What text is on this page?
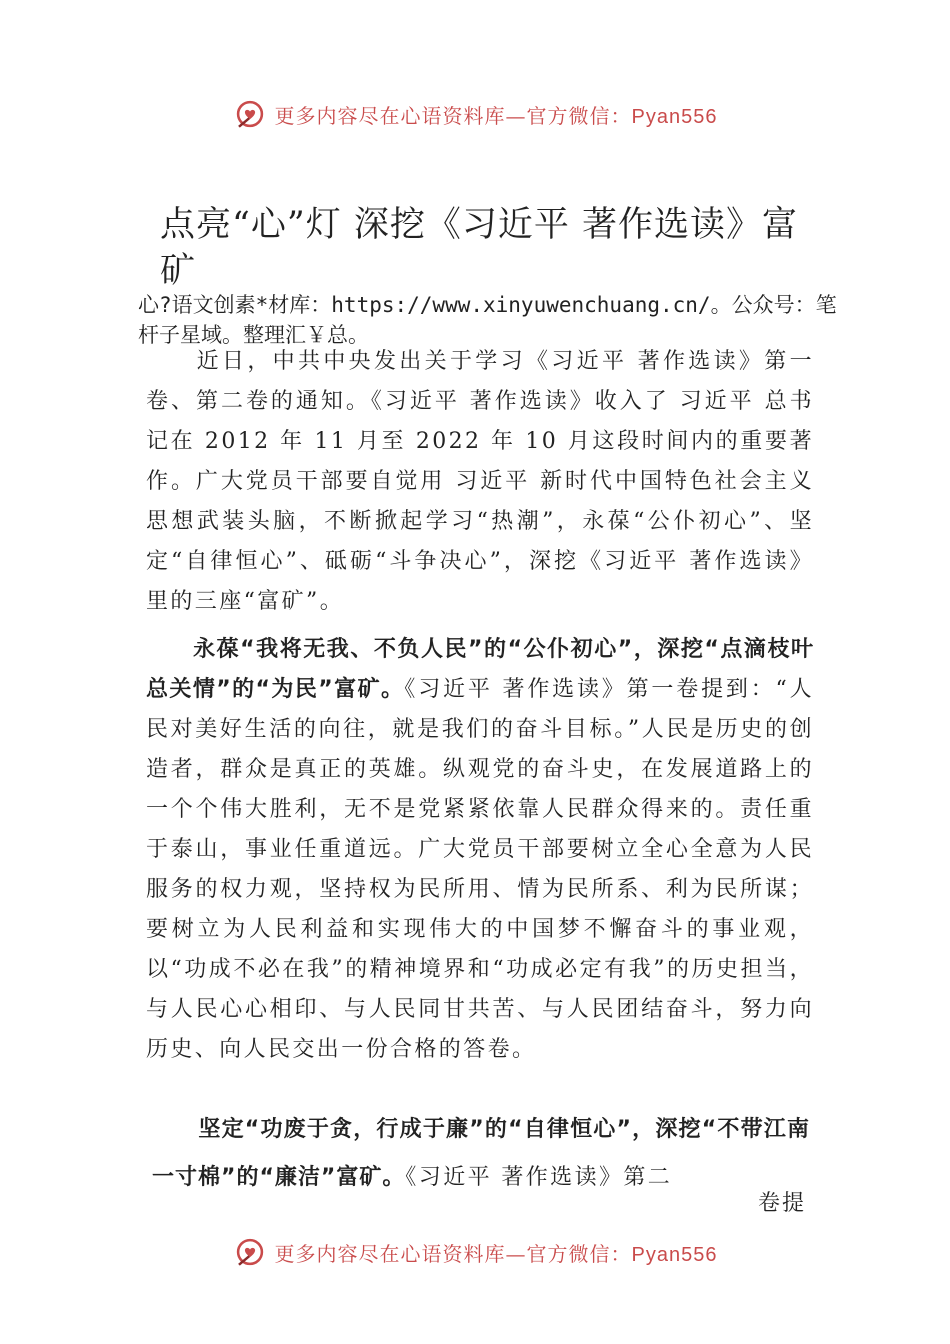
更多内容尽在心语资料库—官方微信：Pyan556
点亮“心”灯 深挖《习近平 著作选读》富矿
心?语文创素*材库：https://www.xinyuwenchuang.cn/。公众号：笔杆子星域。整理汇￥总。
　　近日，中共中央发出关于学习《习近平 著作选读》第一卷、第二卷的通知。《习近平 著作选读》收入了 习近平 总书记在 2012 年 11 月至 2022 年 10 月这段时间内的重要著作。广大党员干部要自觉用 习近平 新时代中国特色社会主义思想武装头脑，不断掀起学习“热潮”，永葆“公仆初心”、坚定“自律恒心”、砥砺“斗争决心”，深挖《习近平 著作选读》里的三座“富矿”。
　　永葆“我将无我、不负人民”的“公仆初心”，深挖“点滴枝叶总关情”的“为民”富矿。《习近平 著作选读》第一卷提到：“人民对美好生活的向往，就是我们的奋斗目标。”人民是历史的创造者，群众是真正的英雄。纵观党的奋斗史，在发展道路上的一个个伟大胜利，无不是党紧紧依靠人民群众得来的。责任重于泰山，事业任重道远。广大党员干部要树立全心全意为人民服务的权力观，坚持权为民所用、情为民所系、利为民所谋；要树立为人民利益和实现伟大的中国梦不懈奋斗的事业观，以“功成不必在我”的精神境界和“功成必定有我”的历史担当，与人民心心相印、与人民同甘共苦、与人民团结奋斗，努力向历史、向人民交出一份合格的答卷。
　　坚定“功废于贪，行成于廉”的“自律恒心”，深挖“不带江南一寸棉”的“廉洁”富矿。《习近平 著作选读》第二
卷提
更多内容尽在心语资料库—官方微信：Pyan556
